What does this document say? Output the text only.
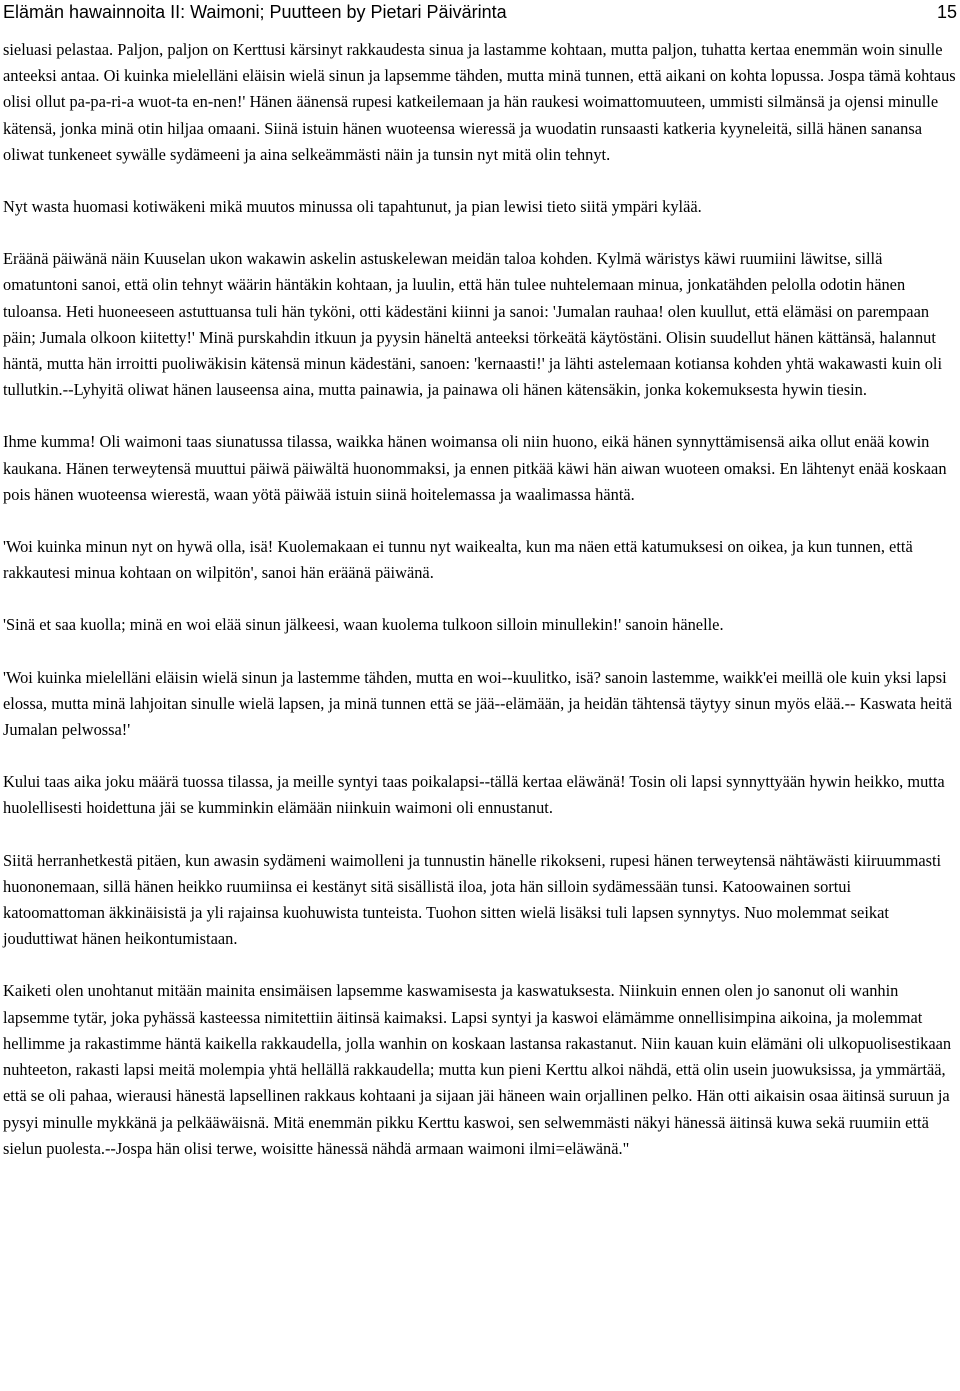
Elämän hawainnoita II: Waimoni; Puutteen by Pietari Päivärinta	15

sieluasi pelastaa. Paljon, paljon on Kerttusi kärsinyt rakkaudesta sinua ja lastamme kohtaan, mutta paljon, tuhatta kertaa enemmän woin sinulle anteeksi antaa. Oi kuinka mielelläni eläisin wielä sinun ja lapsemme tähden, mutta minä tunnen, että aikani on kohta lopussa. Jospa tämä kohtaus olisi ollut pa-pa-ri-a wuot-ta en-nen!' Hänen äänensä rupesi katkeilemaan ja hän raukesi woimattomuuteen, ummisti silmänsä ja ojensi minulle kätensä, jonka minä otin hiljaa omaani. Siinä istuin hänen wuoteensa wieressä ja wuodatin runsaasti katkeria kyyneleitä, sillä hänen sanansa oliwat tunkeneet sywälle sydämeeni ja aina selkeämmästi näin ja tunsin nyt mitä olin tehnyt.

Nyt wasta huomasi kotiwäkeni mikä muutos minussa oli tapahtunut, ja pian lewisi tieto siitä ympäri kylää.

Eräänä päiwänä näin Kuuselan ukon wakawin askelin astuskelewan meidän taloa kohden. Kylmä wäristys käwi ruumiini läwitse, sillä omatuntoni sanoi, että olin tehnyt wäärin häntäkin kohtaan, ja luulin, että hän tulee nuhtelemaan minua, jonkatähden pelolla odotin hänen tuloansa. Heti huoneeseen astuttuansa tuli hän tyköni, otti kädestäni kiinni ja sanoi: 'Jumalan rauhaa! olen kuullut, että elämäsi on parempaan päin; Jumala olkoon kiitetty!' Minä purskahdin itkuun ja pyysin häneltä anteeksi törkeätä käytöstäni. Olisin suudellut hänen kättänsä, halannut häntä, mutta hän irroitti puoliwäkisin kätensä minun kädestäni, sanoen: 'kernaasti!' ja lähti astelemaan kotiansa kohden yhtä wakawasti kuin oli tullutkin.--Lyhyitä oliwat hänen lauseensa aina, mutta painawia, ja painawa oli hänen kätensäkin, jonka kokemuksesta hywin tiesin.

Ihme kumma! Oli waimoni taas siunatussa tilassa, waikka hänen woimansa oli niin huono, eikä hänen synnyttämisensä aika ollut enää kowin kaukana. Hänen terweytensä muuttui päiwä päiwältä huonommaksi, ja ennen pitkää käwi hän aiwan wuoteen omaksi. En lähtenyt enää koskaan pois hänen wuoteensa wierestä, waan yötä päiwää istuin siinä hoitelemassa ja waalimassa häntä.

'Woi kuinka minun nyt on hywä olla, isä! Kuolemakaan ei tunnu nyt waikealta, kun ma näen että katumuksesi on oikea, ja kun tunnen, että rakkautesi minua kohtaan on wilpitön', sanoi hän eräänä päiwänä.

'Sinä et saa kuolla; minä en woi elää sinun jälkeesi, waan kuolema tulkoon silloin minullekin!' sanoin hänelle.

'Woi kuinka mielelläni eläisin wielä sinun ja lastemme tähden, mutta en woi--kuulitko, isä? sanoin lastemme, waikk'ei meillä ole kuin yksi lapsi elossa, mutta minä lahjoitan sinulle wielä lapsen, ja minä tunnen että se jää--elämään, ja heidän tähtensä täytyy sinun myös elää.-- Kaswata heitä Jumalan pelwossa!'

Kului taas aika joku määrä tuossa tilassa, ja meille syntyi taas poikalapsi--tällä kertaa eläwänä! Tosin oli lapsi synnyttyään hywin heikko, mutta huolellisesti hoidettuna jäi se kumminkin elämään niinkuin waimoni oli ennustanut.

Siitä herranhetkestä pitäen, kun awasin sydämeni waimolleni ja tunnustin hänelle rikokseni, rupesi hänen terweytensä nähtäwästi kiiruummasti huononemaan, sillä hänen heikko ruumiinsa ei kestänyt sitä sisällistä iloa, jota hän silloin sydämessään tunsi. Katoowainen sortui katoomattoman äkkinäisistä ja yli rajainsa kuohuwista tunteista. Tuohon sitten wielä lisäksi tuli lapsen synnytys. Nuo molemmat seikat jouduttiwat hänen heikontumistaan.

Kaiketi olen unohtanut mitään mainita ensimäisen lapsemme kaswamisesta ja kaswatuksesta. Niinkuin ennen olen jo sanonut oli wanhin lapsemme tytär, joka pyhässä kasteessa nimitettiin äitinsä kaimaksi. Lapsi syntyi ja kaswoi elämämme onnellisimpina aikoina, ja molemmat hellimme ja rakastimme häntä kaikella rakkaudella, jolla wanhin on koskaan lastansa rakastanut. Niin kauan kuin elämäni oli ulkopuolisestikaan nuhteeton, rakasti lapsi meitä molempia yhtä hellällä rakkaudella; mutta kun pieni Kerttu alkoi nähdä, että olin usein juowuksissa, ja ymmärtää, että se oli pahaa, wierausi hänestä lapsellinen rakkaus kohtaani ja sijaan jäi häneen wain orjallinen pelko. Hän otti aikaisin osaa äitinsä suruun ja pysyi minulle mykkänä ja pelkääwäisnä. Mitä enemmän pikku Kerttu kaswoi, sen selwemmästi näkyi hänessä äitinsä kuwa sekä ruumiin että sielun puolesta.--Jospa hän olisi terwe, woisitte hänessä nähdä armaan waimoni ilmi=eläwänä."
